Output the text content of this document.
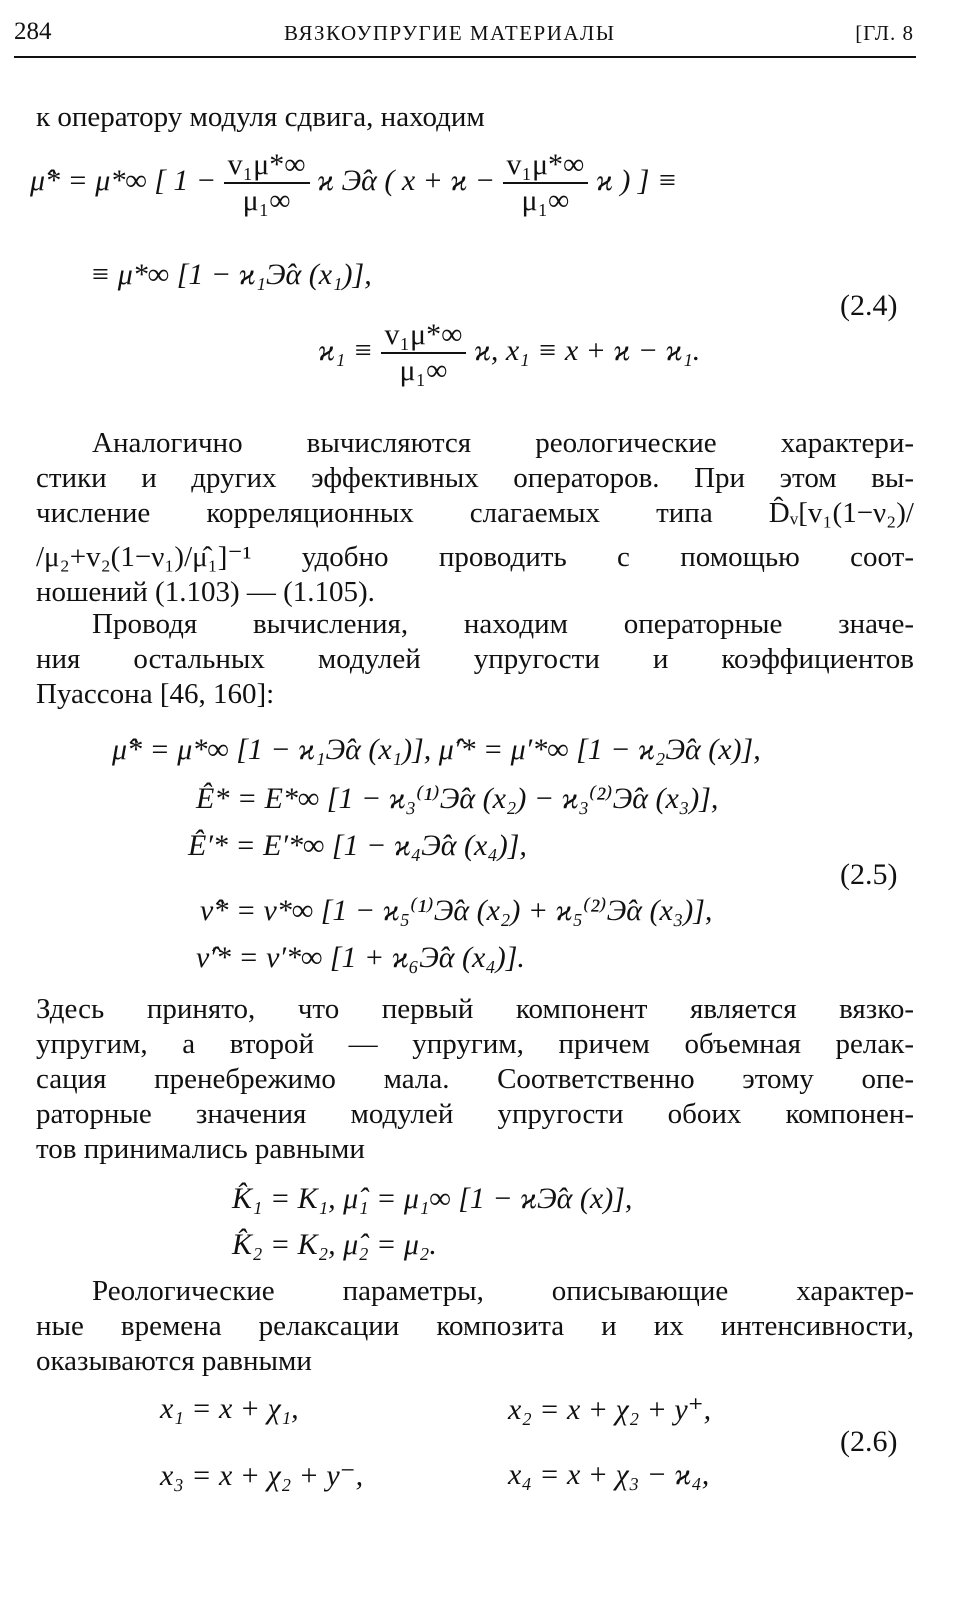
284	ВЯЗКОУПРУГИЕ МАТЕРИАЛЫ	[ГЛ. 8
к оператору модуля сдвига, находим
μ̂* = μ*∞ [ $1 - \frac{\text{v₁μ*∞}}{\text{μ₁∞}}$ ϰ Э̂α ( $x + ϰ - \frac{\text{v₁μ*∞}}{\text{μ₁∞}}$ ϰ ) ] ≡
≡ μ*∞ [1 − ϰ₁Э̂α (x₁)],
(2.4)
$ϰ_1 \equiv \frac{\text{v₁μ*∞}}{\text{μ₁∞}} ϰ$, x₁ ≡ x + ϰ − ϰ₁.
Аналогично вычисляются реологические характери-
стики и других эффективных операторов. При этом вы-
числение корреляционных слагаемых типа D̂ᵥ[v₁(1−ν₂)/
/μ₂+v₂(1−ν₁)/μ̂₁]⁻¹ удобно проводить с помощью соот-
ношений (1.103) — (1.105).
Проводя вычисления, находим операторные значе-
ния остальных модулей упругости и коэффициентов
Пуассона [46, 160]:
μ̂* = μ*∞ [1 − ϰ₁Э̂α (x₁)], μ̂′* = μ′*∞ [1 − ϰ₂Э̂α (x)],
Ê* = E*∞ [1 − ϰ₃⁽¹⁾Э̂α (x₂) − ϰ₃⁽²⁾Э̂α (x₃)],
Ê′* = E′*∞ [1 − ϰ₄Э̂α (x₄)],
(2.5)
ν̂* = ν*∞ [1 − ϰ₅⁽¹⁾Э̂α (x₂) + ϰ₅⁽²⁾Э̂α (x₃)],
ν̂′* = ν′*∞ [1 + ϰ₆Э̂α (x₄)].
Здесь принято, что первый компонент является вязко-
упругим, а второй — упругим, причем объемная релак-
сация пренебрежимо мала. Соответственно этому опе-
раторные значения модулей упругости обоих компонен-
тов принимались равными
K̂₁ = K₁, μ̂₁ = μ₁∞ [1 − ϰЭ̂α (x)],
K̂₂ = K₂, μ̂₂ = μ₂.
Реологические параметры, описывающие характер-
ные времена релаксации композита и их интенсивности,
оказываются равными
x₁ = x + χ₁,	x₂ = x + χ₂ + y⁺,
(2.6)
x₃ = x + χ₂ + y⁻,	x₄ = x + χ₃ − ϰ₄,
